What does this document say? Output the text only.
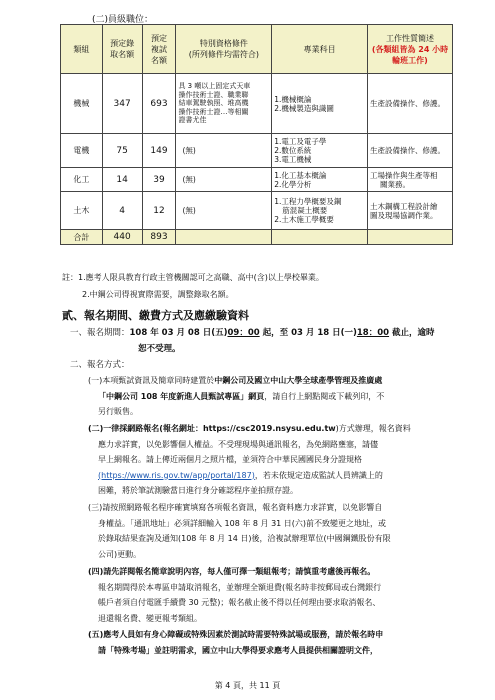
(二)員級職位：
類組	預定錄
取名額	預定
複試
名額	特別資格條件
(所列條件均需符合)	專業科目	工作性質簡述
(各類組皆為 24 小時
輪班工作)

機械	347	693	具 3 噸以上固定式天車
操作技術士證、職業聯
結車駕駛執照、堆高機
操作技術士證…等相關
證書尤佳	1.機械概論
2.機械製造與識圖	生產設備操作、修護。

電機	75	149	(無)	1.電工及電子學
2.數位系統
3.電工機械	生產設備操作、修護。

化工	14	39	(無)	1.化工基本概論
2.化學分析	工場操作與生產等相
關業務。

土木	4	12	(無)	1.工程力學概要及鋼
筋混凝土概要
2.土木施工學概要	土木鋼構工程設計繪
圖及現場協調作業。

合計	440	893			
註：1.應考人限具教育行政主管機關認可之高職、高中(含)以上學校畢業。
2.中鋼公司得視實際需要，調整錄取名額。
貳、報名期間、繳費方式及應繳驗資料
一、報名期間：108 年 03 月 08 日(五)09：00 起，至 03 月 18 日(一)18：00 截止，逾時
恕不受理。
二、報名方式：
(一)本項甄試資訊及簡章同時建置於中鋼公司及國立中山大學全球產學管理及推廣處
「中鋼公司 108 年度新進人員甄試專區」網頁，請自行上網點閱或下載列印，不
另行販售。
(二)一律採網路報名(報名網址：https://csc2019.nsysu.edu.tw)方式辦理，報名資料
應力求詳實，以免影響個人權益。不受理現場與通訊報名，為免網路壅塞，請儘
早上網報名。請上傳近兩個月之照片檔，並須符合中華民國國民身分證規格
(https://www.ris.gov.tw/app/portal/187)，若未依規定造成監試人員辨識上的
困難，將於筆試測驗當日進行身分確認程序並拍照存證。
(三)請按照網路報名程序確實填寫各項報名資訊，報名資料應力求詳實，以免影響自
身權益。「通訊地址」必須詳細輸入 108 年 8 月 31 日(六)前不致變更之地址，或
於錄取結果查詢及通知(108 年 8 月 14 日)後，洽複試辦理單位(中國鋼鐵股份有限
公司)更動。
(四)請先詳閱報名簡章說明內容，每人僅可擇一類組報考；請慎重考慮後再報名。
報名期間得於本專區申請取消報名，並辦理全額退費(報名時非按郵局或台灣銀行
帳戶者須自付電匯手續費 30 元整)；報名截止後不得以任何理由要求取消報名、
退還報名費、變更報考類組。
(五)應考人員如有身心障礙或特殊因素於測試時需要特殊試場或服務，請於報名時申
請「特殊考場」並註明需求，國立中山大學得要求應考人員提供相關證明文件，
第 4 頁，共 11 頁
